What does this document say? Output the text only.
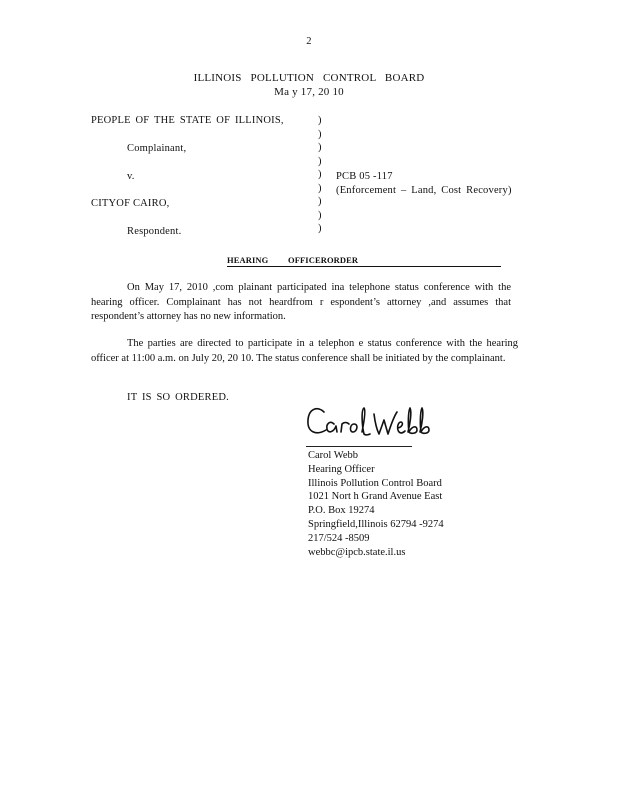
2
ILLINOIS POLLUTION CONTROL BOARD
Ma y 17, 20 10
PEOPLE OF THE STATE OF ILLINOIS,
Complainant,
v.
CITYOF CAIRO,
Respondent.
)
)
)
)
)
)
)
)
)
PCB 05 -117
(Enforcement – Land, Cost Recovery)
HEARING OFFICERORDER
On May 17, 2010 ,com plainant participated ina telephone status conference with the hearing officer. Complainant has not heardfrom r espondent’s attorney ,and assumes that respondent’s attorney has no new information.
The parties are directed to participate in a telephon e status conference with the hearing officer at 11:00 a.m. on July 20, 20 10. The status conference shall be initiated by the complainant.
IT IS SO ORDERED.
Carol Webb
Hearing Officer
Illinois Pollution Control Board
1021 Nort h Grand Avenue East
P.O. Box 19274
Springfield,Illinois 62794 -9274
217/524 -8509
webbc@ipcb.state.il.us
